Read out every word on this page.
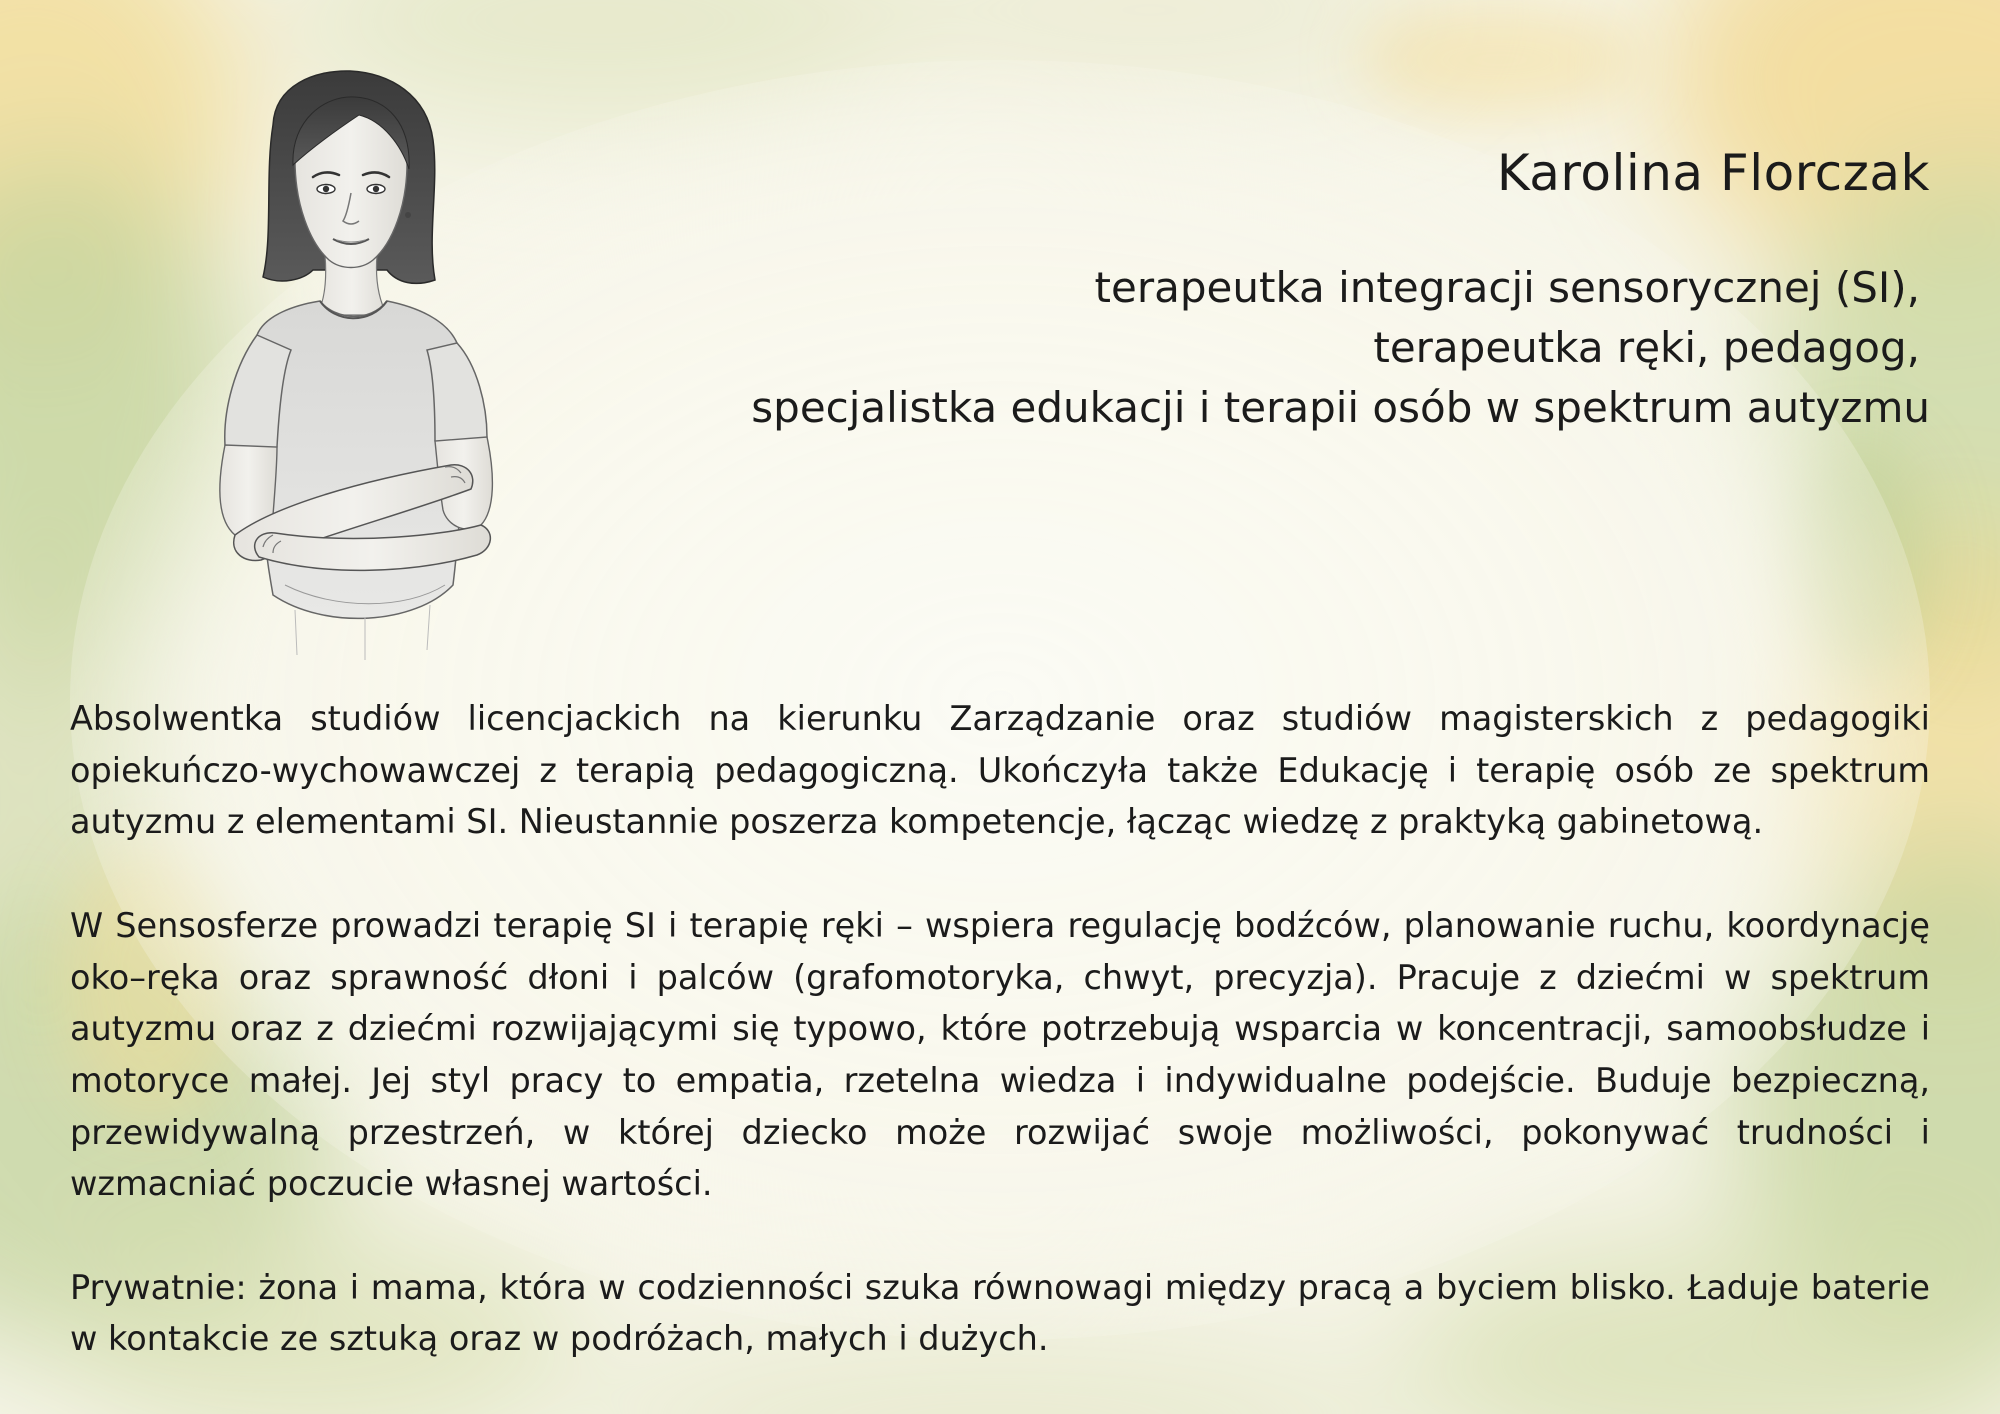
Karolina Florczak
terapeutka integracji sensorycznej (SI),
terapeutka ręki, pedagog,
specjalistka edukacji i terapii osób w spektrum autyzmu

Absolwentka studiów licencjackich na kierunku Zarządzanie oraz studiów magisterskich z pedagogiki opiekuńczo-wychowawczej z terapią pedagogiczną. Ukończyła także Edukację i terapię osób ze spektrum autyzmu z elementami SI. Nieustannie poszerza kompetencje, łącząc wiedzę z praktyką gabinetową.

W Sensosferze prowadzi terapię SI i terapię ręki – wspiera regulację bodźców, planowanie ruchu, koordynację oko–ręka oraz sprawność dłoni i palców (grafomotoryka, chwyt, precyzja). Pracuje z dziećmi w spektrum autyzmu oraz z dziećmi rozwijającymi się typowo, które potrzebują wsparcia w koncentracji, samoobsłudze i motoryce małej. Jej styl pracy to empatia, rzetelna wiedza i indywidualne podejście. Buduje bezpieczną, przewidywalną przestrzeń, w której dziecko może rozwijać swoje możliwości, pokonywać trudności i wzmacniać poczucie własnej wartości.

Prywatnie: żona i mama, która w codzienności szuka równowagi między pracą a byciem blisko. Ładuje baterie w kontakcie ze sztuką oraz w podróżach, małych i dużych.
